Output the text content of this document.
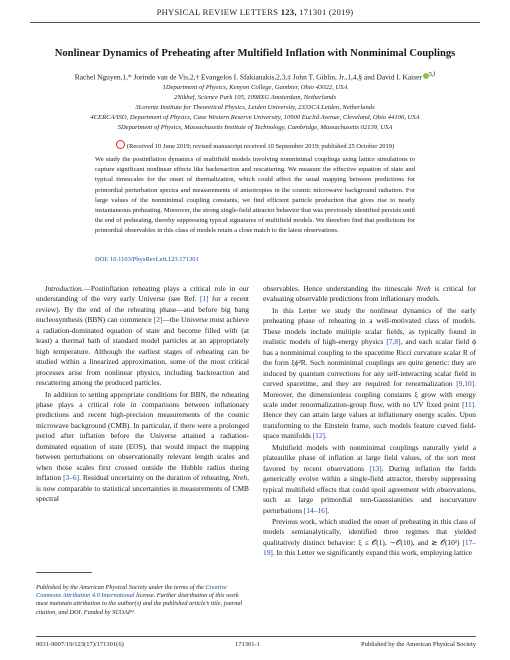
PHYSICAL REVIEW LETTERS 123, 171301 (2019)
Nonlinear Dynamics of Preheating after Multifield Inflation with Nonminimal Couplings
Rachel Nguyen,1,* Jorinde van de Vis,2,† Evangelos I. Sfakianakis,2,3,‡ John T. Giblin, Jr.,1,4,§ and David I. Kaiser $^{5,‖}$
1Department of Physics, Kenyon College, Gambier, Ohio 43022, USA
2Nikhef, Science Park 105, 1098XG Amsterdam, Netherlands
3Lorentz Institute for Theoretical Physics, Leiden University, 2333CA Leiden, Netherlands
4CERCA/ISO, Department of Physics, Case Western Reserve University, 10900 Euclid Avenue, Cleveland, Ohio 44106, USA
5Department of Physics, Massachusetts Institute of Technology, Cambridge, Massachusetts 02139, USA
(Received 10 June 2019; revised manuscript received 10 September 2019; published 25 October 2019)
We study the postinflation dynamics of multifield models involving nonminimal couplings using lattice simulations to capture significant nonlinear effects like backreaction and rescattering. We measure the effective equation of state and typical timescales for the onset of thermalization, which could affect the usual mapping between predictions for primordial perturbation spectra and measurements of anisotropies in the cosmic microwave background radiation. For large values of the nonminimal coupling constants, we find efficient particle production that gives rise to nearly instantaneous preheating. Moreover, the strong single-field attractor behavior that was previously identified persists until the end of preheating, thereby suppressing typical signatures of multifield models. We therefore find that predictions for primordial observables in this class of models retain a close match to the latest observations.
DOI: 10.1103/PhysRevLett.123.171301

Introduction.—Postinflation reheating plays a critical role in our understanding of the very early Universe (see Ref. [1] for a recent review). By the end of the reheating phase—and before big bang nucleosynthesis (BBN) can commence [2]—the Universe must achieve a radiation-dominated equation of state and become filled with (at least) a thermal bath of standard model particles at an appropriately high temperature. Although the earliest stages of reheating can be studied within a linearized approximation, some of the most critical processes arise from nonlinear physics, including backreaction and rescattering among the produced particles.

In addition to setting appropriate conditions for BBN, the reheating phase plays a critical role in comparisons between inflationary predictions and recent high-precision measurements of the cosmic microwave background (CMB). In particular, if there were a prolonged period after inflation before the Universe attained a radiation-dominated equation of state (EOS), that would impact the mapping between perturbations on observationally relevant length scales and when those scales first crossed outside the Hubble radius during inflation [3–6]. Residual uncertainty on the duration of reheating, Nreh, is now comparable to statistical uncertainties in measurements of CMB spectral

observables. Hence understanding the timescale Nreh is critical for evaluating observable predictions from inflationary models.

In this Letter we study the nonlinear dynamics of the early preheating phase of reheating in a well-motivated class of models. These models include multiple scalar fields, as typically found in realistic models of high-energy physics [7,8], and each scalar field ϕ has a nonminimal coupling to the spacetime Ricci curvature scalar R of the form ξϕ²R. Such nonminimal couplings are quite generic: they are induced by quantum corrections for any self-interacting scalar field in curved spacetime, and they are required for renormalization [9,10]. Moreover, the dimensionless coupling constants ξ grow with energy scale under renormalization-group flow, with no UV fixed point [11]. Hence they can attain large values at inflationary energy scales. Upon transforming to the Einstein frame, such models feature curved field-space manifolds [12].

Multifield models with nonminimal couplings naturally yield a plateaulike phase of inflation at large field values, of the sort most favored by recent observations [13]. During inflation the fields generically evolve within a single-field attractor, thereby suppressing typical multifield effects that could spoil agreement with observations, such as large primordial non-Gaussianities and isocurvature perturbations [14–16].

Previous work, which studied the onset of preheating in this class of models semianalytically, identified three regimes that yielded qualitatively distinct behavior: ξ ≤ 𝒪(1), ∼𝒪(10), and ≳ 𝒪(10²) [17–19]. In this Letter we significantly expand this work, employing lattice

Published by the American Physical Society under the terms of the Creative Commons Attribution 4.0 International license. Further distribution of this work must maintain attribution to the author(s) and the published article’s title, journal citation, and DOI. Funded by SCOAP³.
0031-9007/19/123(17)/171301(6)	171301-1	Published by the American Physical Society
